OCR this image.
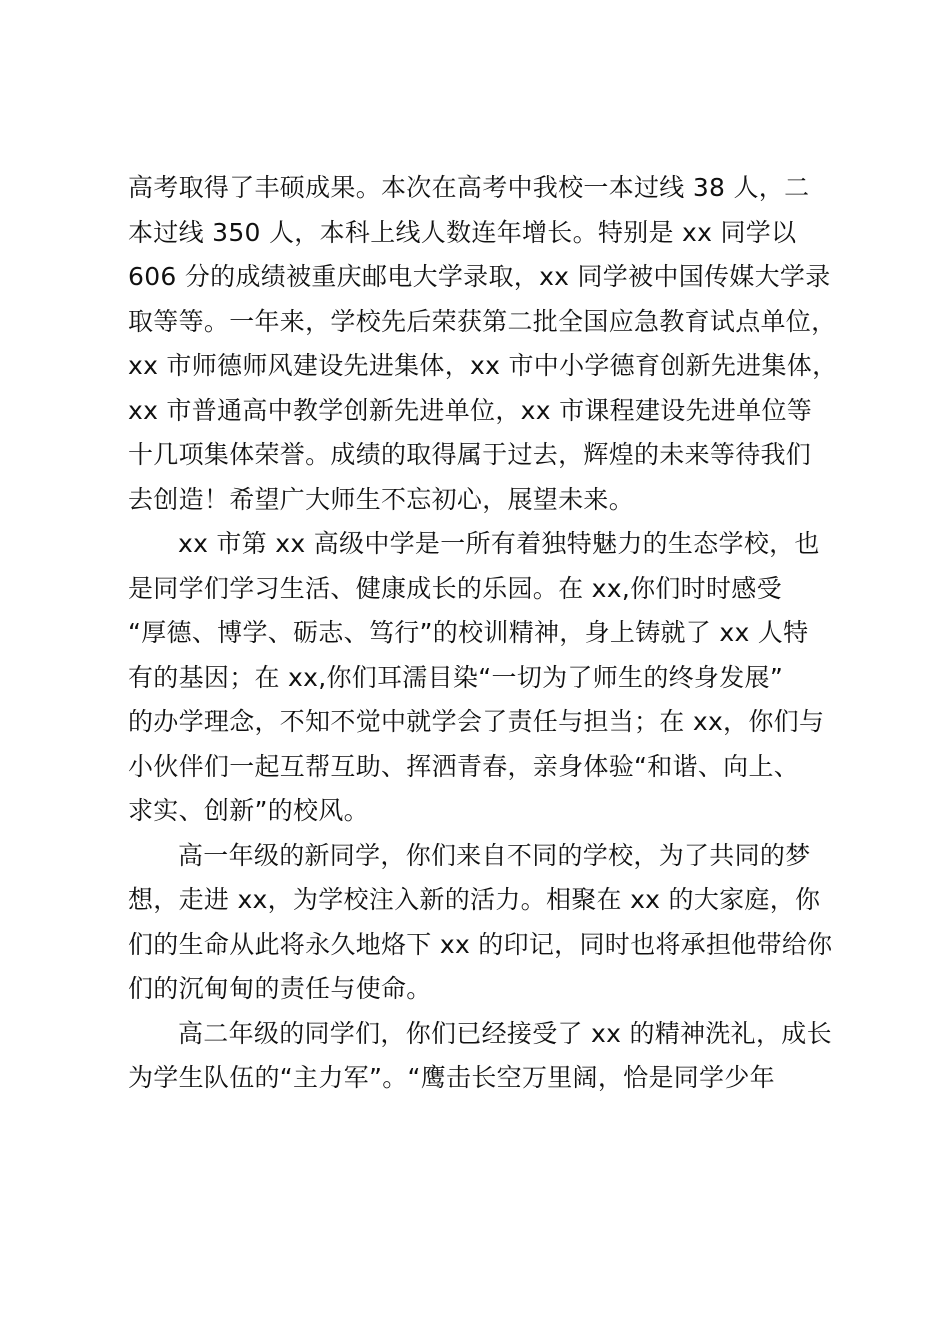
高考取得了丰硕成果。本次在高考中我校一本过线 38 人，二
本过线 350 人，本科上线人数连年增长。特别是 xx 同学以
606 分的成绩被重庆邮电大学录取，xx 同学被中国传媒大学录
取等等。一年来，学校先后荣获第二批全国应急教育试点单位，
xx 市师德师风建设先进集体，xx 市中小学德育创新先进集体，
xx 市普通高中教学创新先进单位，xx 市课程建设先进单位等
十几项集体荣誉。成绩的取得属于过去，辉煌的未来等待我们
去创造！希望广大师生不忘初心，展望未来。
xx 市第 xx 高级中学是一所有着独特魅力的生态学校，也
是同学们学习生活、健康成长的乐园。在 xx,你们时时感受
“厚德、博学、砺志、笃行”的校训精神，身上铸就了 xx 人特
有的基因；在 xx,你们耳濡目染“一切为了师生的终身发展”
的办学理念，不知不觉中就学会了责任与担当；在 xx，你们与
小伙伴们一起互帮互助、挥洒青春，亲身体验“和谐、向上、
求实、创新”的校风。
高一年级的新同学，你们来自不同的学校，为了共同的梦
想，走进 xx，为学校注入新的活力。相聚在 xx 的大家庭，你
们的生命从此将永久地烙下 xx 的印记，同时也将承担他带给你
们的沉甸甸的责任与使命。
高二年级的同学们，你们已经接受了 xx 的精神洗礼，成长
为学生队伍的“主力军”。“鹰击长空万里阔，恰是同学少年
